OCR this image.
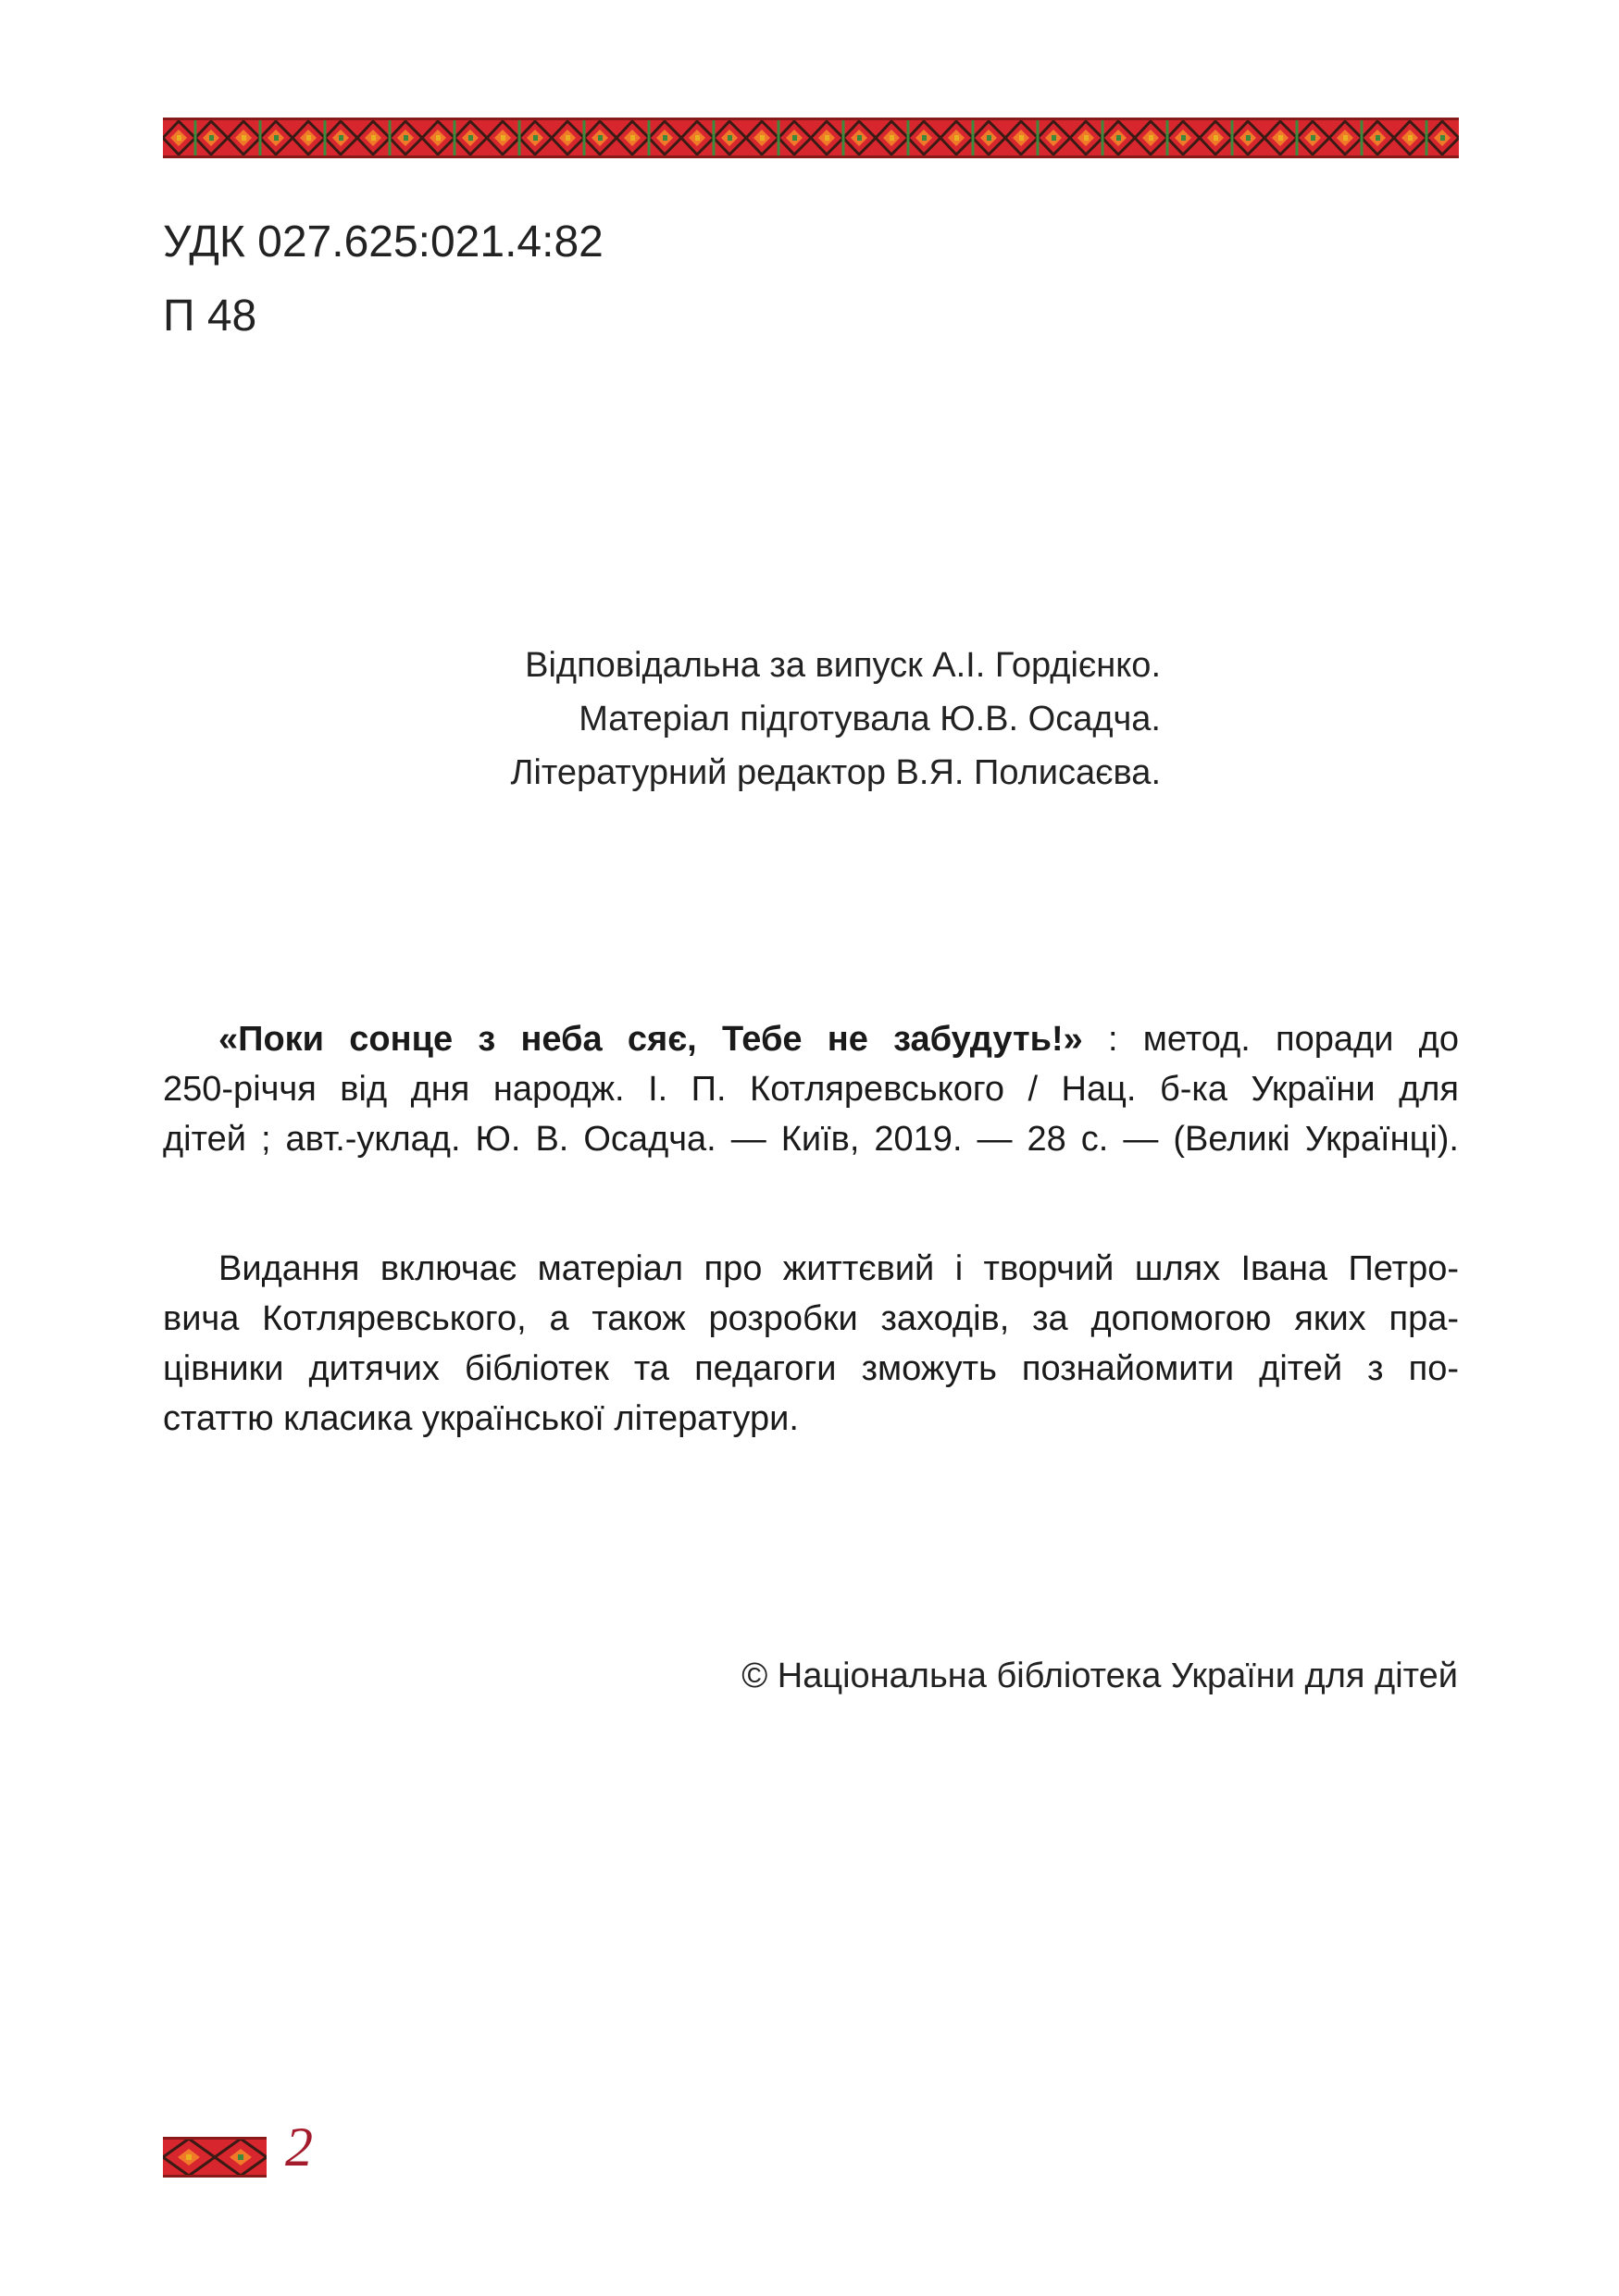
УДК 027.625:021.4:82
П 48
Відповідальна за випуск А.І. Гордієнко.
Матеріал підготувала Ю.В. Осадча.
Літературний редактор В.Я. Полисаєва.
«Поки сонце з неба сяє, Тебе не забудуть!» : метод. поради до
250-річчя від дня народж. І. П. Котляревського / Нац. б-ка України для
дітей ; авт.-уклад. Ю. В. Осадча. — Київ, 2019. — 28 с. — (Великі Українці).
Видання включає матеріал про життєвий і творчий шлях Івана Петро-
вича Котляревського, а також розробки заходів, за допомогою яких пра-
цівники дитячих бібліотек та педагоги зможуть познайомити дітей з по-
статтю класика української літератури.
© Національна бібліотека України для дітей
2
